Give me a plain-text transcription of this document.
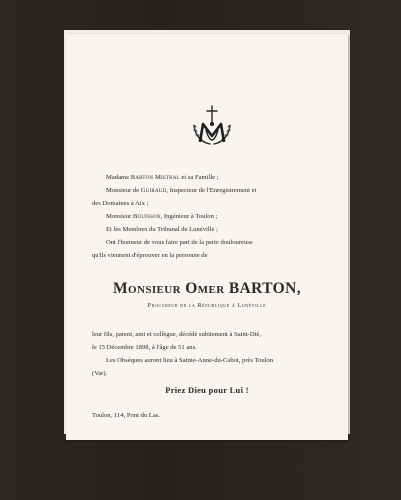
Madame Barton Mistral et sa Famille ;
Monsieur de Guiraud, Inspecteur de l'Enregistrement et
des Domaines à Aix ;
Monsieur Bouisson, Ingénieur à Toulon ;
Et les Membres du Tribunal de Lunéville ;
Ont l'honneur de vous faire part de la perte douloureuse
qu'ils viennent d'éprouver en la personne de
Monsieur Omer BARTON,
Procureur de la République à Lunéville
leur fils, parent, ami et collègue, décédé subitement à Saint-Dié,
le 15 Décembre 1898, à l'âge de 51 ans.
Les Obsèques auront lieu à Sainte-Anne-du-Cabot, près Toulon
(Var).
Priez Dieu pour Lui !
Toulon, 114, Pont du Las.
Lunéville. H. Pinguenet.
